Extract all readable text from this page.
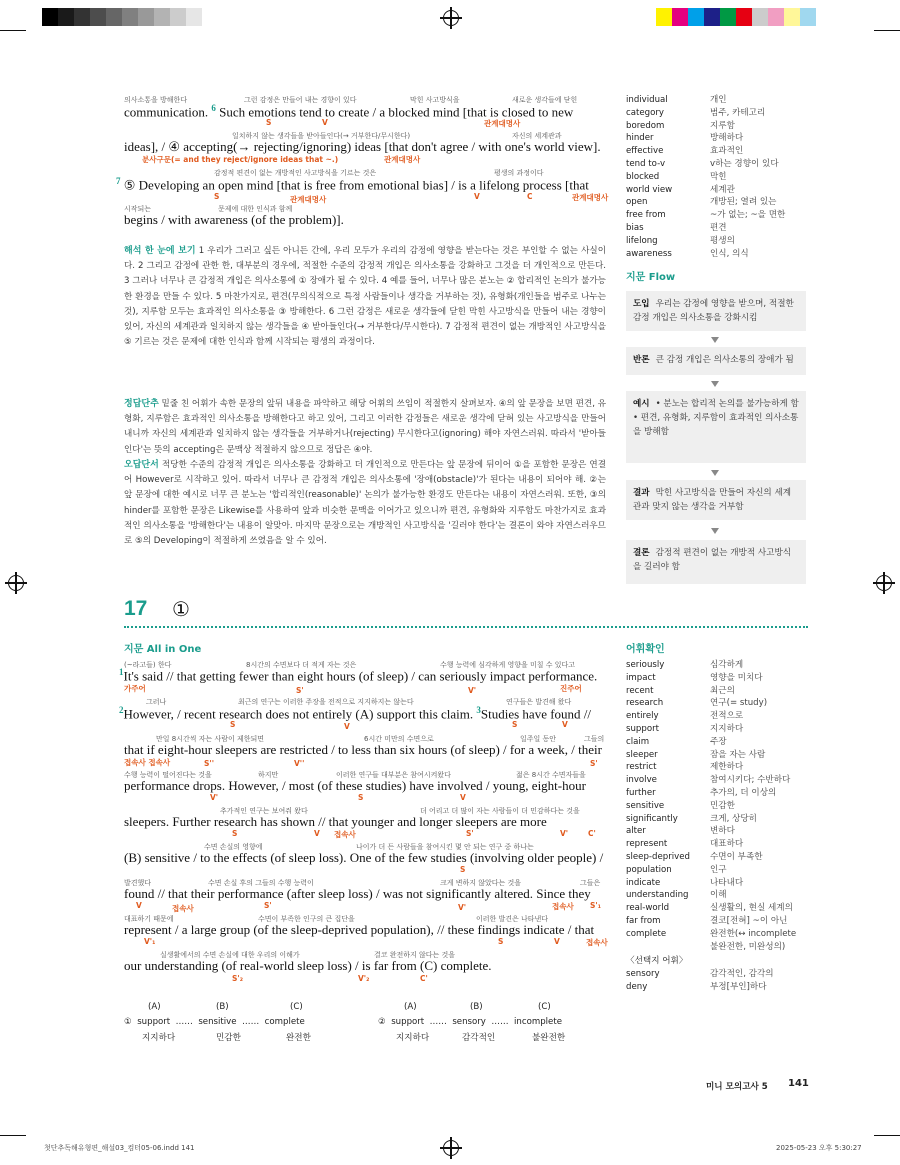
의사소통을 방해한다	그런 감정은 만들어 내는 경향이 있다	막힌 사고방식을	새로운 생각들에 닫힌
communication. $^6$ Such emotions tend to create / a blocked mind [that is closed to new
S	V	관계대명사
일치하지 않는 생각들을 받아들인다(→ 거부한다/무시한다)	자신의 세계관과
ideas], / ④ accepting(→ rejecting/ignoring) ideas [that don't agree / with one's world view].
분사구문(= and they reject/ignore ideas that ~.)	관계대명사
감정적 편견이 없는 개방적인 사고방식을 기르는 것은	평생의 과정이다
$^7$ ⑤ Developing an open mind [that is free from emotional bias] / is a lifelong process [that
S	관계대명사	V	C	관계대명사
시작되는	문제에 대한 인식과 함께
begins / with awareness (of the problem)].
해석 한 눈에 보기 1 우리가 그러고 싶든 아니든 간에, 우리 모두가 우리의 감정에 영향을 받는다는 것은 부인할 수 없는 사실이다. 2 그리고 감정에 관한 한, 대부분의 경우에, 적절한 수준의 감정적 개입은 의사소통을 강화하고 그것을 더 개인적으로 만든다. 3 그러나 너무나 큰 감정적 개입은 의사소통에 ① 장애가 될 수 있다. 4 예를 들어, 너무나 많은 분노는 ② 합리적인 논의가 불가능한 환경을 만들 수 있다. 5 마찬가지로, 편견(무의식적으로 특정 사람들이나 생각을 거부하는 것), 유형화(개인들을 범주로 나누는 것), 지루함 모두는 효과적인 의사소통을 ③ 방해한다. 6 그런 감정은 새로운 생각들에 닫힌 막힌 사고방식을 만들어 내는 경향이 있어, 자신의 세계관과 일치하지 않는 생각들을 ④ 받아들인다(→ 거부한다/무시한다). 7 감정적 편견이 없는 개방적인 사고방식을 ⑤ 기르는 것은 문제에 대한 인식과 함께 시작되는 평생의 과정이다.
정답단추 밑줄 친 어휘가 속한 문장의 앞뒤 내용을 파악하고 해당 어휘의 쓰임이 적절한지 살펴보자. ④의 앞 문장을 보면 편견, 유형화, 지루함은 효과적인 의사소통을 방해한다고 하고 있어, 그리고 이러한 감정들은 새로운 생각에 닫혀 있는 사고방식을 만들어 내니까 자신의 세계관과 일치하지 않는 생각들을 거부하거나(rejecting) 무시한다고(ignoring) 해야 자연스러워. 따라서 '받아들인다'는 뜻의 accepting은 문맥상 적절하지 않으므로 정답은 ④야.
오답단서 적당한 수준의 감정적 개입은 의사소통을 강화하고 더 개인적으로 만든다는 앞 문장에 뒤이어 ①을 포함한 문장은 연결어 However로 시작하고 있어. 따라서 너무나 큰 감정적 개입은 의사소통에 '장애(obstacle)'가 된다는 내용이 되어야 해. ②는 앞 문장에 대한 예시로 너무 큰 분노는 '합리적인(reasonable)' 논의가 불가능한 환경도 만든다는 내용이 자연스러워. 또한, ③의 hinder를 포함한 문장은 Likewise를 사용하여 앞과 비슷한 문맥을 이어가고 있으니까 편견, 유형화와 지루함도 마찬가지로 효과적인 의사소통을 '방해한다'는 내용이 알맞아. 마지막 문장으로는 개방적인 사고방식을 '길러야 한다'는 결론이 와야 자연스러우므로 ⑤의 Developing이 적절하게 쓰였음을 알 수 있어.
individual	개인
category	범주, 카테고리
boredom	지루함
hinder	방해하다
effective	효과적인
tend to-v	v하는 경향이 있다
blocked	막힌
world view	세계관
open	개방된; 열려 있는
free from	~가 없는; ~을 면한
bias	편견
lifelong	평생의
awareness	인식, 의식
지문 Flow
도입 우리는 감정에 영향을 받으며, 적절한 감정 개입은 의사소통을 강화시킴
반론 큰 감정 개입은 의사소통의 장애가 됨
예시 • 분노는 합리적 논의를 불가능하게 함
• 편견, 유형화, 지루함이 효과적인 의사소통을 방해함
결과 막힌 사고방식을 만들어 자신의 세계관과 맞지 않는 생각을 거부함
결론 감정적 편견이 없는 개방적 사고방식을 길러야 함
17 ①
지문 All in One	어휘확인
(~라고들) 한다	8시간의 수면보다 더 적게 자는 것은	수행 능력에 심각하게 영향을 미칠 수 있다고
$^1$It's said // that getting fewer than eight hours (of sleep) / can seriously impact performance.
가주어	S'	V'	진주어
그러나	최근의 연구는 이러한 주장을 전적으로 지지하지는 않는다	연구들은 발견해 왔다
$^2$However, / recent research does not entirely (A) support this claim. $^3$Studies have found //
S	V	S	V
만일 8시간씩 자는 사람이 제한되면	6시간 미만의 수면으로	일주일 동안	그들의
that if eight-hour sleepers are restricted / to less than six hours (of sleep) / for a week, / their
접속사 접속사	S''	V''	S'
수행 능력이 떨어진다는 것을	하지만	이러한 연구들 대부분은 참여시켜왔다	젊은 8시간 수면자들을
performance drops. However, / most (of these studies) have involved / young, eight-hour
V'	S	V
추가적인 연구는 보여줘 왔다	더 어리고 더 많이 자는 사람들이 더 민감하다는 것을
sleepers. Further research has shown // that younger and longer sleepers are more
S	V 접속사	S'	V'	C'
수면 손실의 영향에	나이가 더 든 사람들을 참여시킨 몇 안 되는 연구 중 하나는
(B) sensitive / to the effects (of sleep loss). One of the few studies (involving older people) /
S
발견했다	수면 손실 후의 그들의 수행 능력이	크게 변하지 않았다는 것을	그들은
found // that their performance (after sleep loss) / was not significantly altered. Since they
V	접속사	S'	V'	접속사 S'₁
대표하기 때문에	수면이 부족한 인구의 큰 집단을	이러한 발견은 나타낸다
represent / a large group (of the sleep-deprived population), // these findings indicate / that
V'₁	S	V	접속사
실생활에서의 수면 손실에 대한 우리의 이해가	결코 완전하지 않다는 것을
our understanding (of real-world sleep loss) / is far from (C) complete.
S'₂	V'₂	C'
(A)	(B)	(C)	(A)	(B)	(C)
① support …… sensitive …… complete
지지하다	민감한	완전한
② support …… sensory …… incomplete
지지하다	감각적인	불완전한
seriously	심각하게
impact	영향을 미치다
recent	최근의
research	연구(= study)
entirely	전적으로
support	지지하다
claim	주장
sleeper	잠을 자는 사람
restrict	제한하다
involve	참여시키다; 수반하다
further	추가의, 더 이상의
sensitive	민감한
significantly	크게, 상당히
alter	변하다
represent	대표하다
sleep-deprived	수면이 부족한
population	인구
indicate	나타내다
understanding	이해
real-world	실생활의, 현실 세계의
far from	결코[전혀] ~이 아닌
complete	완전한(↔ incomplete
불완전한, 미완성의)
〈선택지 어휘〉
sensory	감각적인, 감각의
deny	부정[부인]하다
미니 모의고사 5 141
첫단추독해유형편_해설03_컴터05-06.indd 141	2025-05-23 오후 5:30:27
